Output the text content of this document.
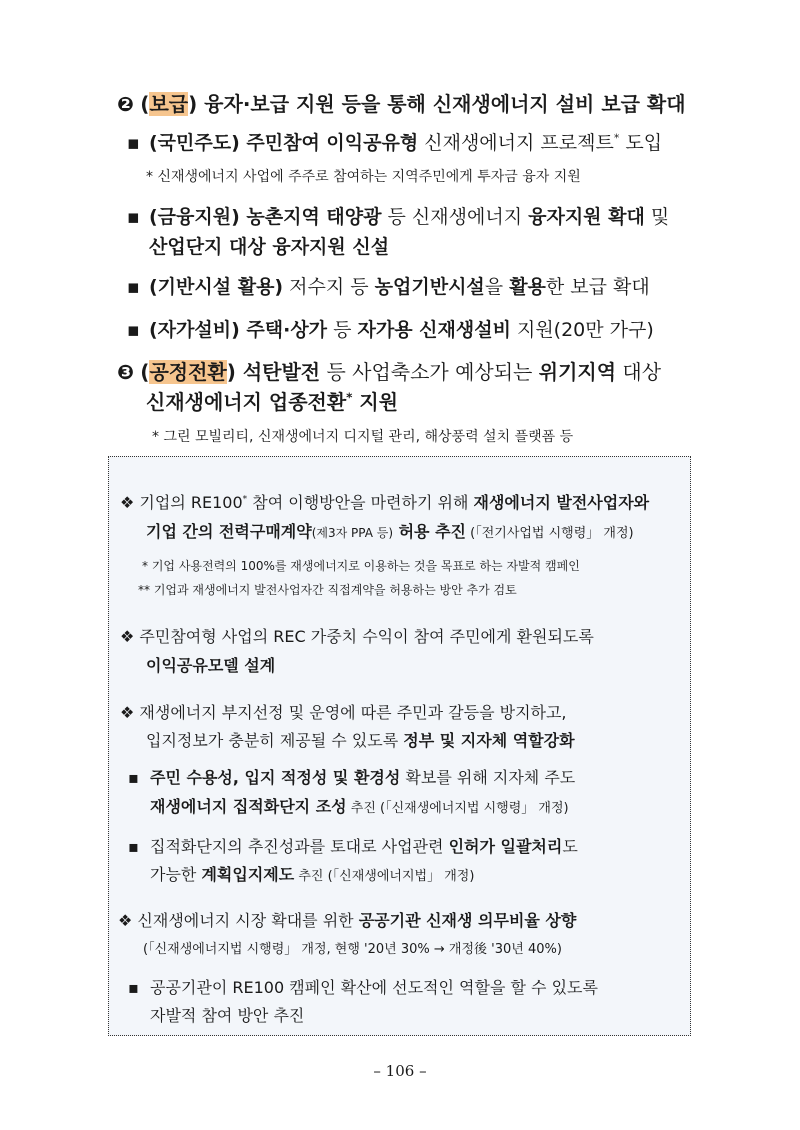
❷ (보급) 융자·보급 지원 등을 통해 신재생에너지 설비 보급 확대
▪ (국민주도) 주민참여 이익공유형 신재생에너지 프로젝트* 도입
* 신재생에너지 사업에 주주로 참여하는 지역주민에게 투자금 융자 지원
▪ (금융지원) 농촌지역 태양광 등 신재생에너지 융자지원 확대 및
산업단지 대상 융자지원 신설
▪ (기반시설 활용) 저수지 등 농업기반시설을 활용한 보급 확대
▪ (자가설비) 주택·상가 등 자가용 신재생설비 지원(20만 가구)
❸ (공정전환) 석탄발전 등 사업축소가 예상되는 위기지역 대상
신재생에너지 업종전환* 지원
* 그린 모빌리티, 신재생에너지 디지털 관리, 해상풍력 설치 플랫폼 등
❖ 기업의 RE100* 참여 이행방안을 마련하기 위해 재생에너지 발전사업자와
기업 간의 전력구매계약(제3자 PPA 등) 허용 추진 (「전기사업법 시행령」 개정)
* 기업 사용전력의 100%를 재생에너지로 이용하는 것을 목표로 하는 자발적 캠페인
** 기업과 재생에너지 발전사업자간 직접계약을 허용하는 방안 추가 검토
❖ 주민참여형 사업의 REC 가중치 수익이 참여 주민에게 환원되도록
이익공유모델 설계
❖ 재생에너지 부지선정 및 운영에 따른 주민과 갈등을 방지하고,
입지정보가 충분히 제공될 수 있도록 정부 및 지자체 역할강화
▪ 주민 수용성, 입지 적정성 및 환경성 확보를 위해 지자체 주도
재생에너지 집적화단지 조성 추진 (「신재생에너지법 시행령」 개정)
▪ 집적화단지의 추진성과를 토대로 사업관련 인허가 일괄처리도
가능한 계획입지제도 추진 (「신재생에너지법」 개정)
❖ 신재생에너지 시장 확대를 위한 공공기관 신재생 의무비율 상향
(「신재생에너지법 시행령」 개정, 현행 '20년 30% → 개정後 '30년 40%)
▪ 공공기관이 RE100 캠페인 확산에 선도적인 역할을 할 수 있도록
자발적 참여 방안 추진
– 106 –
